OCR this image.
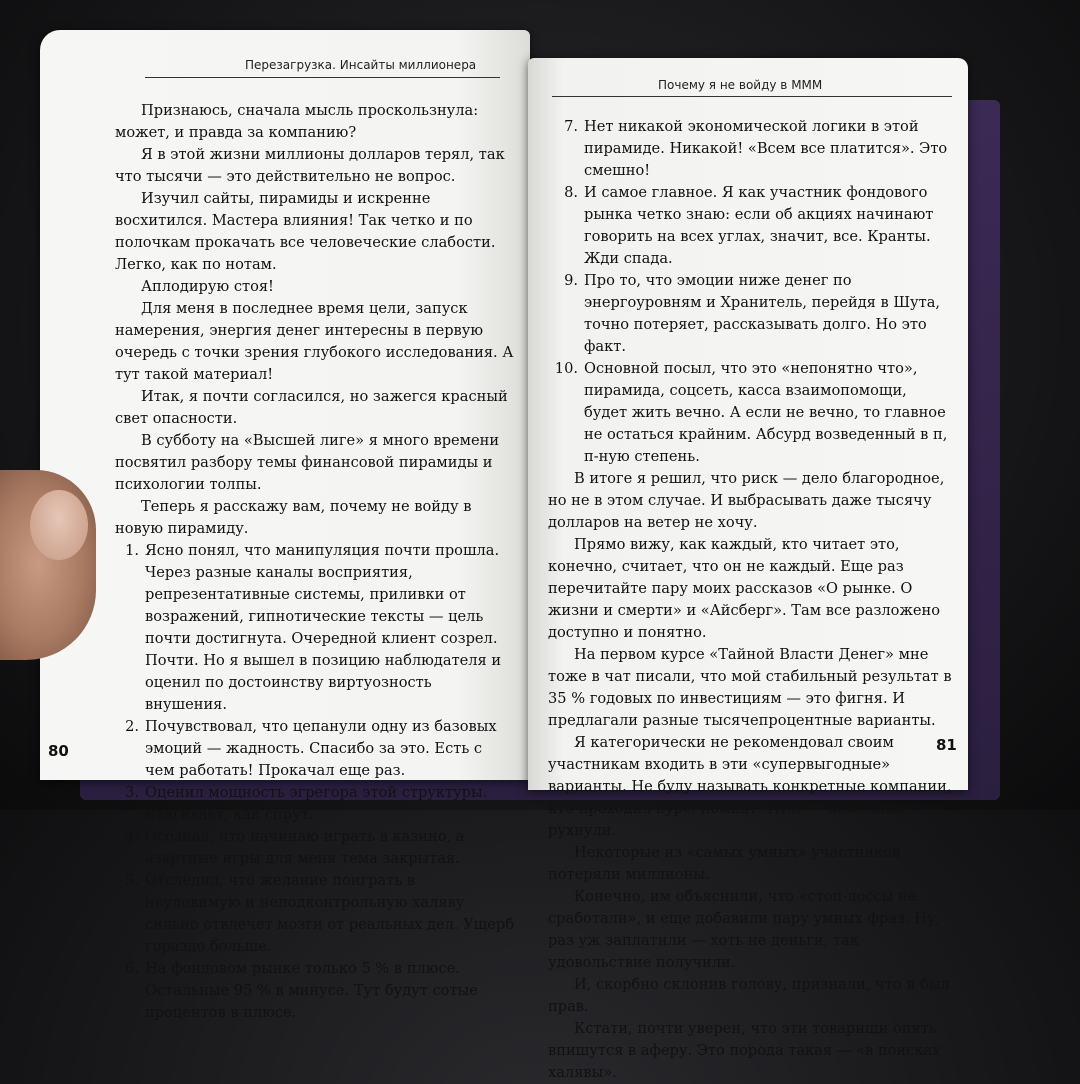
Перезагрузка. Инсайты миллионера

Признаюсь, сначала мысль проскользнула: может, и правда за компанию?

Я в этой жизни миллионы долларов терял, так что тысячи — это действительно не вопрос.

Изучил сайты, пирамиды и искренне восхитился. Мастера влияния! Так четко и по полочкам прокачать все человеческие слабости. Легко, как по нотам.

Аплодирую стоя!

Для меня в последнее время цели, запуск намерения, энергия денег интересны в первую очередь с точки зрения глубокого исследования. А тут такой материал!

Итак, я почти согласился, но зажегся красный свет опасности.

В субботу на «Высшей лиге» я много времени посвятил разбору темы финансовой пирамиды и психологии толпы.

Теперь я расскажу вам, почему не войду в новую пирамиду.

1. Ясно понял, что манипуляция почти прошла. Через разные каналы восприятия, репрезентативные системы, приливки от возражений, гипнотические тексты — цель почти достигнута. Очередной клиент созрел. Почти. Но я вышел в позицию наблюдателя и оценил по достоинству виртуозность внушения.
2. Почувствовал, что цепанули одну из базовых эмоций — жадность. Спасибо за это. Есть с чем работать! Прокачал еще раз.
3. Оценил мощность эгрегора этой структуры. Втягивает, как спрут.
4. Осознал, что начинаю играть в казино, а азартные игры для меня тема закрытая.
5. Отследил, что желание поиграть в неуловимую и неподконтрольную халяву сильно отвлечет мозги от реальных дел. Ущерб гораздо больше.
6. На фондовом рынке только 5 % в плюсе. Остальные 95 % в минусе. Тут будут сотые процентов в плюсе.
80
Почему я не войду в МММ
7. Нет никакой экономической логики в этой пирамиде. Никакой! «Всем все платится». Это смешно!
8. И самое главное. Я как участник фондового рынка четко знаю: если об акциях начинают говорить на всех углах, значит, все. Кранты. Жди спада.
9. Про то, что эмоции ниже денег по энергоуровням и Хранитель, перейдя в Шута, точно потеряет, рассказывать долго. Но это факт.
10. Основной посыл, что это «непонятно что», пирамида, соцсеть, касса взаимопомощи, будет жить вечно. А если не вечно, то главное не остаться крайним. Абсурд возведенный в п, п-ную степень.

В итоге я решил, что риск — дело благородное, но не в этом случае. И выбрасывать даже тысячу долларов на ветер не хочу.

Прямо вижу, как каждый, кто читает это, конечно, считает, что он не каждый. Еще раз перечитайте пару моих рассказов «О рынке. О жизни и смерти» и «Айсберг». Там все разложено доступно и понятно.

На первом курсе «Тайной Власти Денег» мне тоже в чат писали, что мой стабильный результат в 35 % годовых по инвестициям — это фигня. И предлагали разные тысячепроцентные варианты.

Я категорически не рекомендовал своим участникам входить в эти «супервыгодные» варианты. Не буду называть конкретные компании, кто проходил курс, помнят. Итог — компании рухнули.

Некоторые из «самых умных» участников потеряли миллионы.

Конечно, им объяснили, что «стоп-лоссы не сработали», и еще добавили пару умных фраз. Ну, раз уж заплатили — хоть не деньги, так удовольствие получили.

И, скорбно склонив голову, признали, что я был прав.

Кстати, почти уверен, что эти товарищи опять впишутся в аферу. Это порода такая — «в поисках халявы».

81
